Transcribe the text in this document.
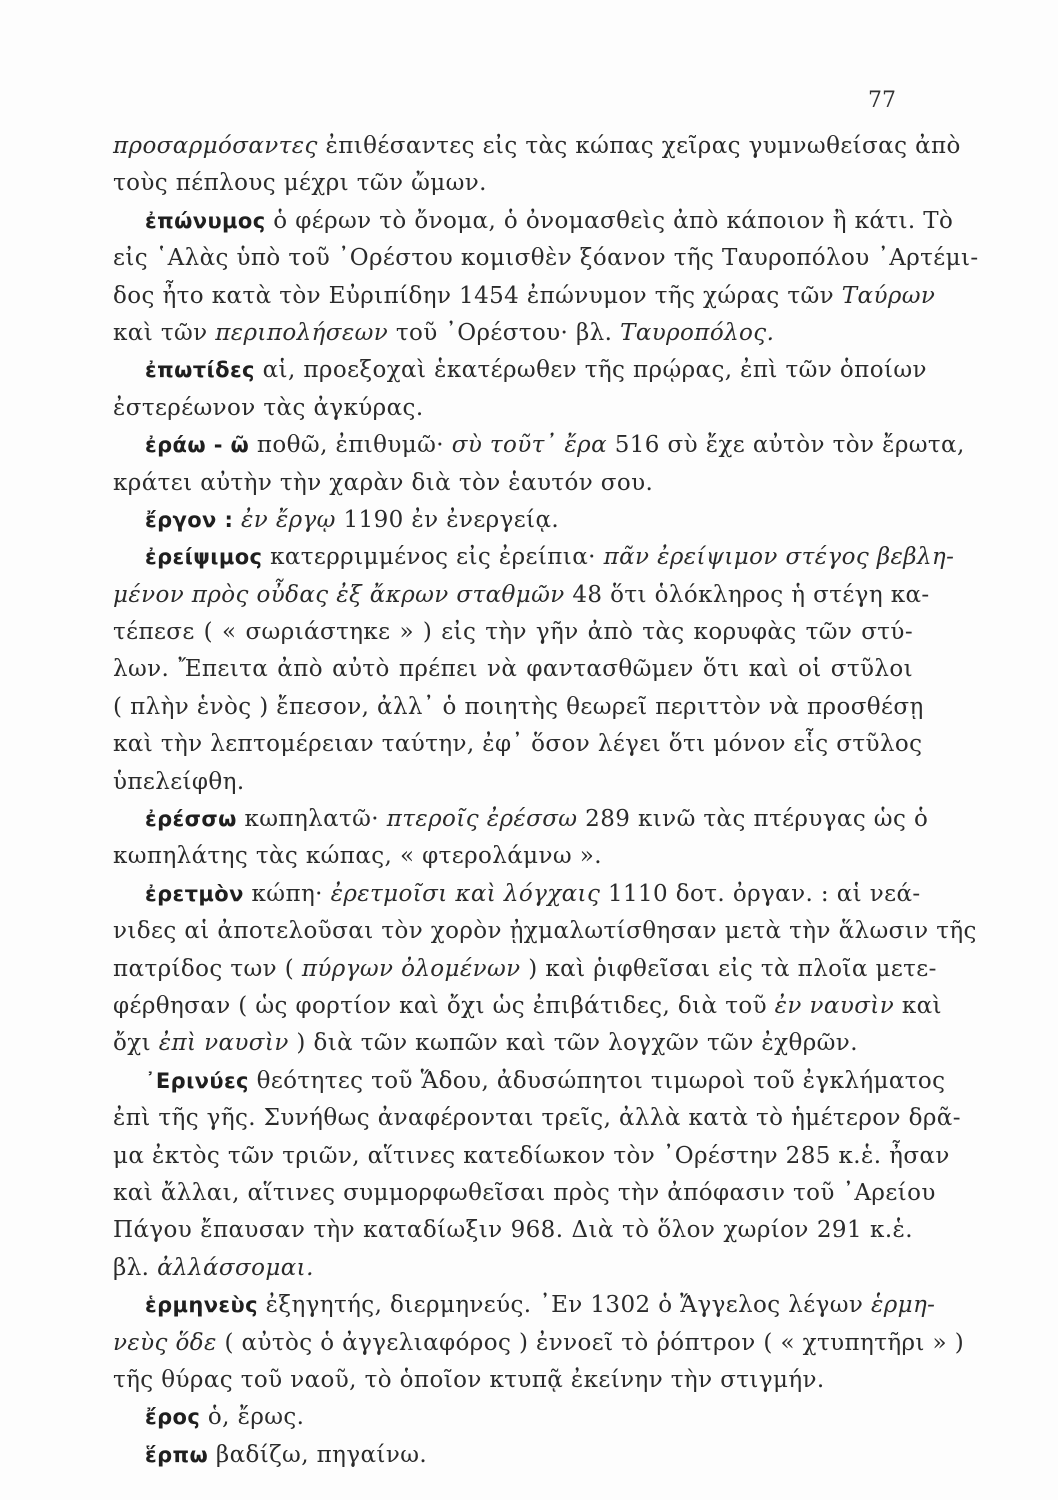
77
προσαρμόσαντες ἐπιθέσαντες εἰς τὰς κώπας χεῖρας γυμνωθείσας ἀπὸ
τοὺς πέπλους μέχρι τῶν ὤμων.
ἐπώνυμος ὁ φέρων τὸ ὄνομα, ὁ ὀνομασθεὶς ἀπὸ κάποιον ἢ κάτι. Τὸ
εἰς ῾Αλὰς ὑπὸ τοῦ ᾿Ορέστου κομισθὲν ξόανον τῆς Ταυροπόλου ᾿Αρτέμι-
δος ἦτο κατὰ τὸν Εὐριπίδην 1454 ἐπώνυμον τῆς χώρας τῶν Ταύρων
καὶ τῶν περιπολήσεων τοῦ ᾿Ορέστου· βλ. Ταυροπόλος.
ἐπωτίδες αἱ, προεξοχαὶ ἑκατέρωθεν τῆς πρῴρας, ἐπὶ τῶν ὁποίων
ἐστερέωνον τὰς ἀγκύρας.
ἐράω - ῶ ποθῶ, ἐπιθυμῶ· σὺ τοῦτ᾿ ἔρα 516 σὺ ἔχε αὐτὸν τὸν ἔρωτα,
κράτει αὐτὴν τὴν χαρὰν διὰ τὸν ἑαυτόν σου.
ἔργον : ἐν ἔργῳ 1190 ἐν ἐνεργείᾳ.
ἐρείψιμος κατερριμμένος εἰς ἐρείπια· πᾶν ἐρείψιμον στέγος βεβλη-
μένον πρὸς οὖδας ἐξ ἄκρων σταθμῶν 48 ὅτι ὁλόκληρος ἡ στέγη κα-
τέπεσε ( « σωριάστηκε » ) εἰς τὴν γῆν ἀπὸ τὰς κορυφὰς τῶν στύ-
λων. Ἔπειτα ἀπὸ αὐτὸ πρέπει νὰ φαντασθῶμεν ὅτι καὶ οἱ στῦλοι
( πλὴν ἑνὸς ) ἔπεσον, ἀλλ᾿ ὁ ποιητὴς θεωρεῖ περιττὸν νὰ προσθέσῃ
καὶ τὴν λεπτομέρειαν ταύτην, ἐφ᾿ ὅσον λέγει ὅτι μόνον εἷς στῦλος
ὑπελείφθη.
ἐρέσσω κωπηλατῶ· πτεροῖς ἐρέσσω 289 κινῶ τὰς πτέρυγας ὡς ὁ
κωπηλάτης τὰς κώπας, « φτερολάμνω ».
ἐρετμὸν κώπη· ἐρετμοῖσι καὶ λόγχαις 1110 δοτ. ὀργαν. : αἱ νεά-
νιδες αἱ ἀποτελοῦσαι τὸν χορὸν ᾐχμαλωτίσθησαν μετὰ τὴν ἅλωσιν τῆς
πατρίδος των ( πύργων ὀλομένων ) καὶ ῥιφθεῖσαι εἰς τὰ πλοῖα μετε-
φέρθησαν ( ὡς φορτίον καὶ ὄχι ὡς ἐπιβάτιδες, διὰ τοῦ ἐν ναυσὶν καὶ
ὄχι ἐπὶ ναυσὶν ) διὰ τῶν κωπῶν καὶ τῶν λογχῶν τῶν ἐχθρῶν.
᾿Ερινύες θεότητες τοῦ Ἅδου, ἀδυσώπητοι τιμωροὶ τοῦ ἐγκλήματος
ἐπὶ τῆς γῆς. Συνήθως ἀναφέρονται τρεῖς, ἀλλὰ κατὰ τὸ ἡμέτερον δρᾶ-
μα ἐκτὸς τῶν τριῶν, αἵτινες κατεδίωκον τὸν ᾿Ορέστην 285 κ.ἑ. ἦσαν
καὶ ἄλλαι, αἵτινες συμμορφωθεῖσαι πρὸς τὴν ἀπόφασιν τοῦ ᾿Αρείου
Πάγου ἔπαυσαν τὴν καταδίωξιν 968. Διὰ τὸ ὅλον χωρίον 291 κ.ἑ.
βλ. ἀλλάσσομαι.
ἑρμηνεὺς ἐξηγητής, διερμηνεύς. ᾿Εν 1302 ὁ Ἄγγελος λέγων ἑρμη-
νεὺς ὅδε ( αὐτὸς ὁ ἀγγελιαφόρος ) ἐννοεῖ τὸ ῥόπτρον ( « χτυπητῆρι » )
τῆς θύρας τοῦ ναοῦ, τὸ ὁποῖον κτυπᾷ ἐκείνην τὴν στιγμήν.
ἔρος ὁ, ἔρως.
ἕρπω βαδίζω, πηγαίνω.
